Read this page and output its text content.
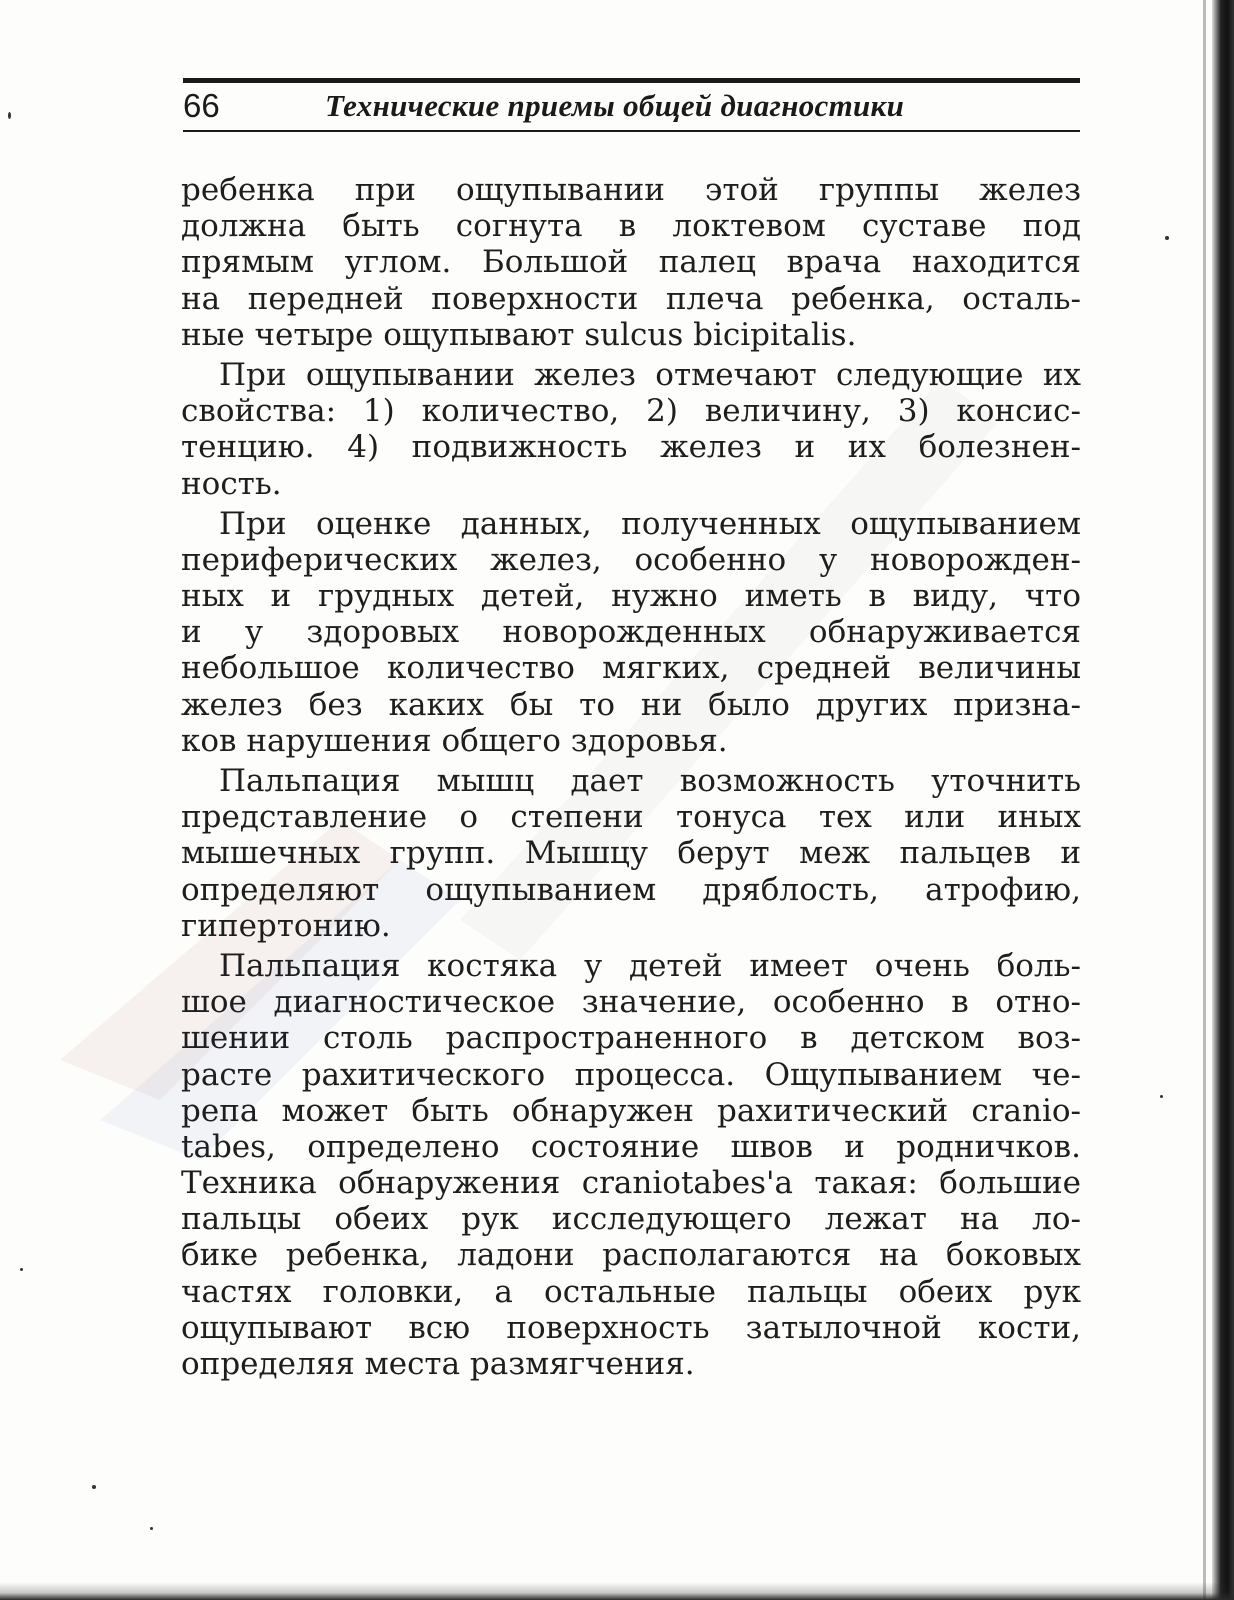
66	Технические приемы общей диагностики
ребенка при ощупывании этой группы желез
должна быть согнута в локтевом суставе под
прямым углом. Большой палец врача находится
на передней поверхности плеча ребенка, осталь-
ные четыре ощупывают sulcus bicipitalis.
При ощупывании желез отмечают следующие их
свойства: 1) количество, 2) величину, 3) консис-
тенцию. 4) подвижность желез и их болезнен-
ность.
При оценке данных, полученных ощупыванием
периферических желез, особенно у новорожден-
ных и грудных детей, нужно иметь в виду, что
и у здоровых новорожденных обнаруживается
небольшое количество мягких, средней величины
желез без каких бы то ни было других призна-
ков нарушения общего здоровья.
Пальпация мышц дает возможность уточнить
представление о степени тонуса тех или иных
мышечных групп. Мышцу берут меж пальцев и
определяют ощупыванием дряблость, атрофию,
гипертонию.
Пальпация костяка у детей имеет очень боль-
шое диагностическое значение, особенно в отно-
шении столь распространенного в детском воз-
расте рахитического процесса. Ощупыванием че-
репа может быть обнаружен рахитический cranio-
tabes, определено состояние швов и родничков.
Техника обнаружения craniotabes'а такая: большие
пальцы обеих рук исследующего лежат на ло-
бике ребенка, ладони располагаются на боковых
частях головки, а остальные пальцы обеих рук
ощупывают всю поверхность затылочной кости,
определяя места размягчения.
